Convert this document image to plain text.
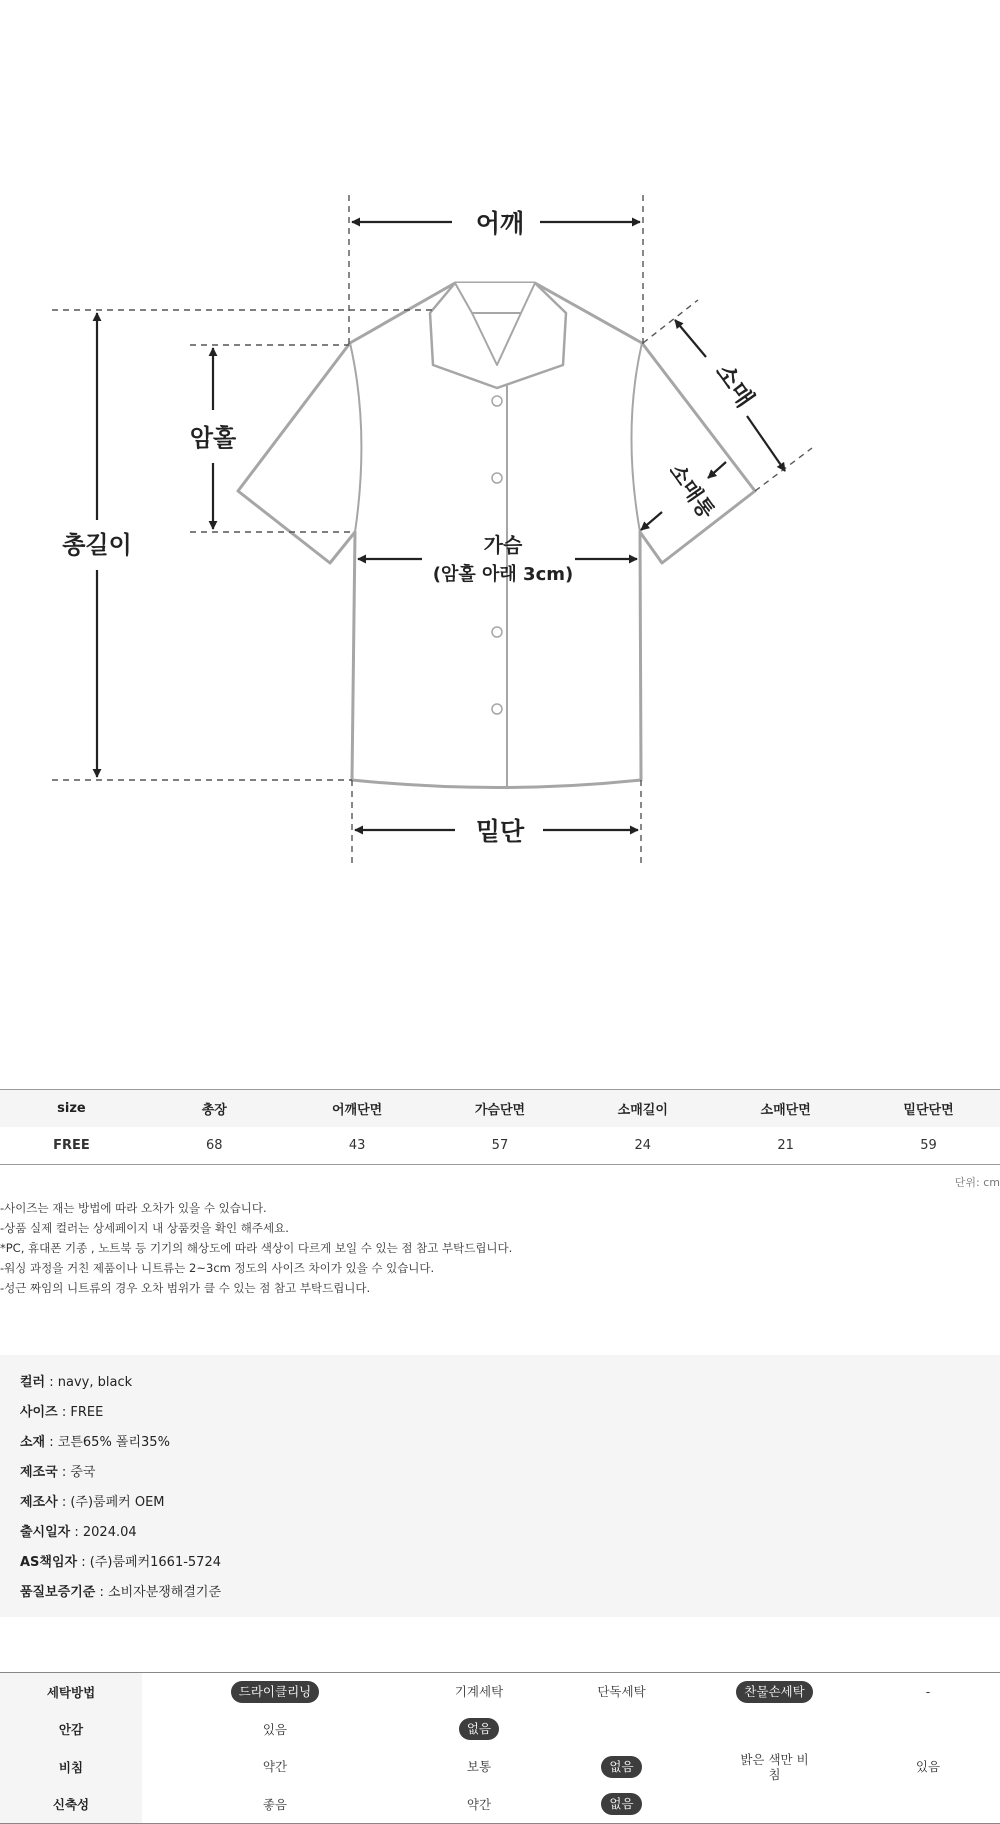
어깨
총길이
암홀
가슴
(암홀 아래 3cm)
밑단
소매
소매통
size	총장	어깨단면	가슴단면	소매길이	소매단면	밑단단면
FREE	68	43	57	24	21	59
단위: cm
-사이즈는 재는 방법에 따라 오차가 있을 수 있습니다.
-상품 실제 컬러는 상세페이지 내 상품컷을 확인 해주세요.
*PC, 휴대폰 기종 , 노트북 등 기기의 해상도에 따라 색상이 다르게 보일 수 있는 점 참고 부탁드립니다.
-워싱 과정을 거친 제품이나 니트류는 2~3cm 정도의 사이즈 차이가 있을 수 있습니다.
-성근 짜임의 니트류의 경우 오차 범위가 클 수 있는 점 참고 부탁드립니다.
컬러 : navy, black
사이즈 : FREE
소재 : 코튼65% 폴리35%
제조국 : 중국
제조사 : (주)룸페커 OEM
출시일자 : 2024.04
AS책임자 : (주)룸페커1661-5724
품질보증기준 : 소비자분쟁해결기준
세탁방법	드라이클리닝	기계세탁	단독세탁	찬물손세탁	-
안감	있음	없음			
비침	약간	보통	없음	밝은 색만 비침	있음
신축성	좋음	약간	없음		
